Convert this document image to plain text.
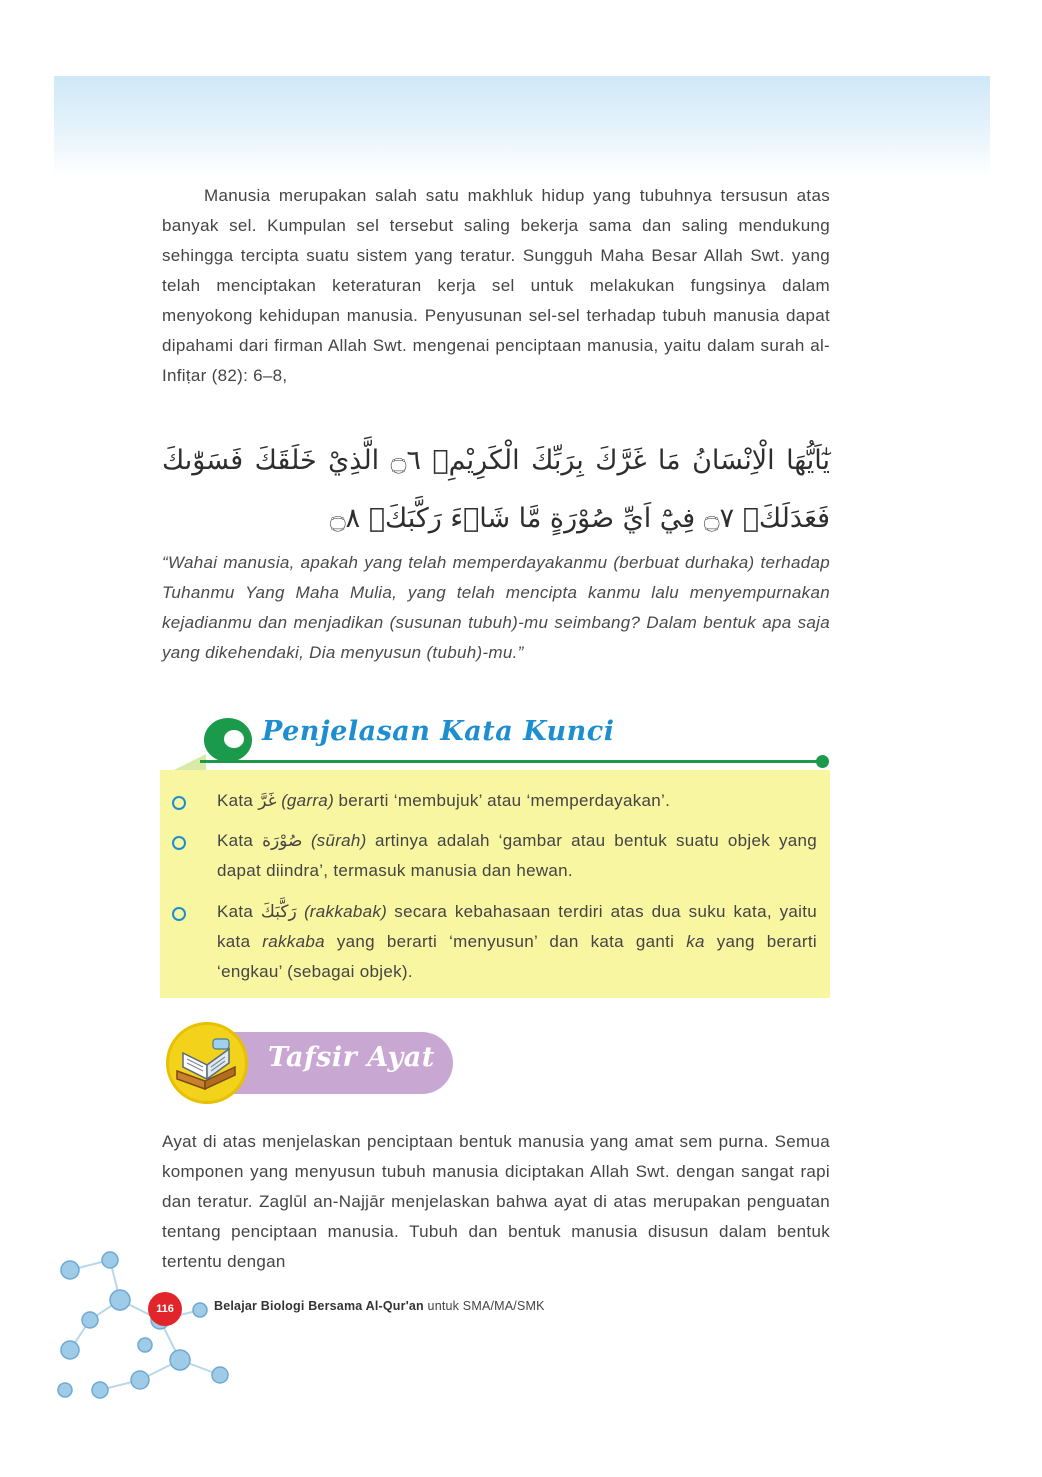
Manusia merupakan salah satu makhluk hidup yang tubuhnya tersusun atas banyak sel. Kumpulan sel tersebut saling bekerja sama dan saling mendukung sehingga tercipta suatu sistem yang teratur. Sungguh Maha Besar Allah Swt. yang telah menciptakan keteraturan kerja sel untuk melakukan fungsinya dalam menyokong kehidupan manusia. Penyusunan sel-sel terhadap tubuh manusia dapat dipahami dari firman Allah Swt. mengenai penciptaan manusia, yaitu dalam surah al-Infiṭar (82): 6–8,

يٰٓاَيُّهَا الْاِنْسَانُ مَا غَرَّكَ بِرَبِّكَ الْكَرِيْمِۙ ۝٦ الَّذِيْ خَلَقَكَ فَسَوّٰىكَ فَعَدَلَكَۙ ۝٧ فِيْٓ اَيِّ صُوْرَةٍ مَّا شَاۤءَ رَكَّبَكَۗ ۝٨

“Wahai manusia, apakah yang telah memperdayakanmu (berbuat durhaka) terhadap Tuhanmu Yang Maha Mulia, yang telah mencipta kanmu lalu menyempurnakan kejadianmu dan menjadikan (susunan tubuh)-mu seimbang? Dalam bentuk apa saja yang dikehendaki, Dia menyusun (tubuh)-mu.”

Penjelasan Kata Kunci

Kata غَرَّ (garra) berarti ‘membujuk’ atau ‘memperdayakan’.

Kata صُوْرَة (sūrah) artinya adalah ‘gambar atau bentuk suatu objek yang dapat diindra’, termasuk manusia dan hewan.

Kata رَكَّبَكَ (rakkabak) secara kebahasaan terdiri atas dua suku kata, yaitu kata rakkaba yang berarti ‘menyusun’ dan kata ganti ka yang berarti ‘engkau’ (sebagai objek).

Tafsir Ayat

Ayat di atas menjelaskan penciptaan bentuk manusia yang amat sem purna. Semua komponen yang menyusun tubuh manusia diciptakan Allah Swt. dengan sangat rapi dan teratur. Zaglūl an-Najjār menjelaskan bahwa ayat di atas merupakan penguatan tentang penciptaan manusia. Tubuh dan bentuk manusia disusun dalam bentuk tertentu dengan

116	Belajar Biologi Bersama Al-Qur'an untuk SMA/MA/SMK
